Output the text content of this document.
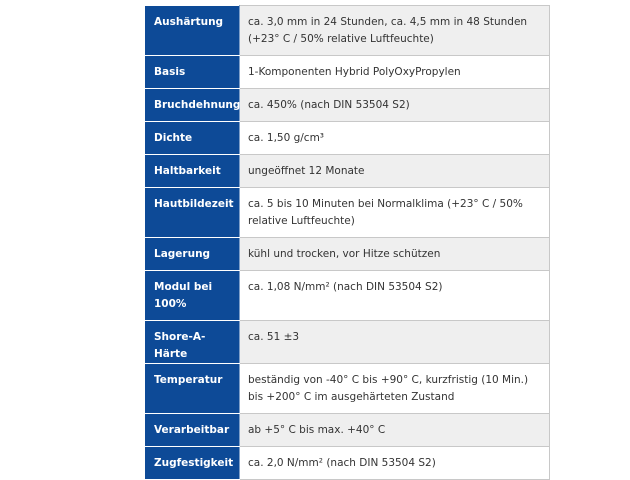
Aushärtung	ca. 3,0 mm in 24 Stunden, ca. 4,5 mm in 48 Stunden (+23° C / 50% relative Luftfeuchte)
Basis	1-Komponenten Hybrid PolyOxyPropylen
Bruchdehnung	ca. 450% (nach DIN 53504 S2)
Dichte	ca. 1,50 g/cm³
Haltbarkeit	ungeöffnet 12 Monate
Hautbildezeit	ca. 5 bis 10 Minuten bei Normalklima (+23° C / 50% relative Luftfeuchte)
Lagerung	kühl und trocken, vor Hitze schützen
Modul bei 100%	ca. 1,08 N/mm² (nach DIN 53504 S2)
Shore-A-Härte	ca. 51 ±3
Temperatur	beständig von -40° C bis +90° C, kurzfristig (10 Min.) bis +200° C im ausgehärteten Zustand
Verarbeitbar	ab +5° C bis max. +40° C
Zugfestigkeit	ca. 2,0 N/mm² (nach DIN 53504 S2)
